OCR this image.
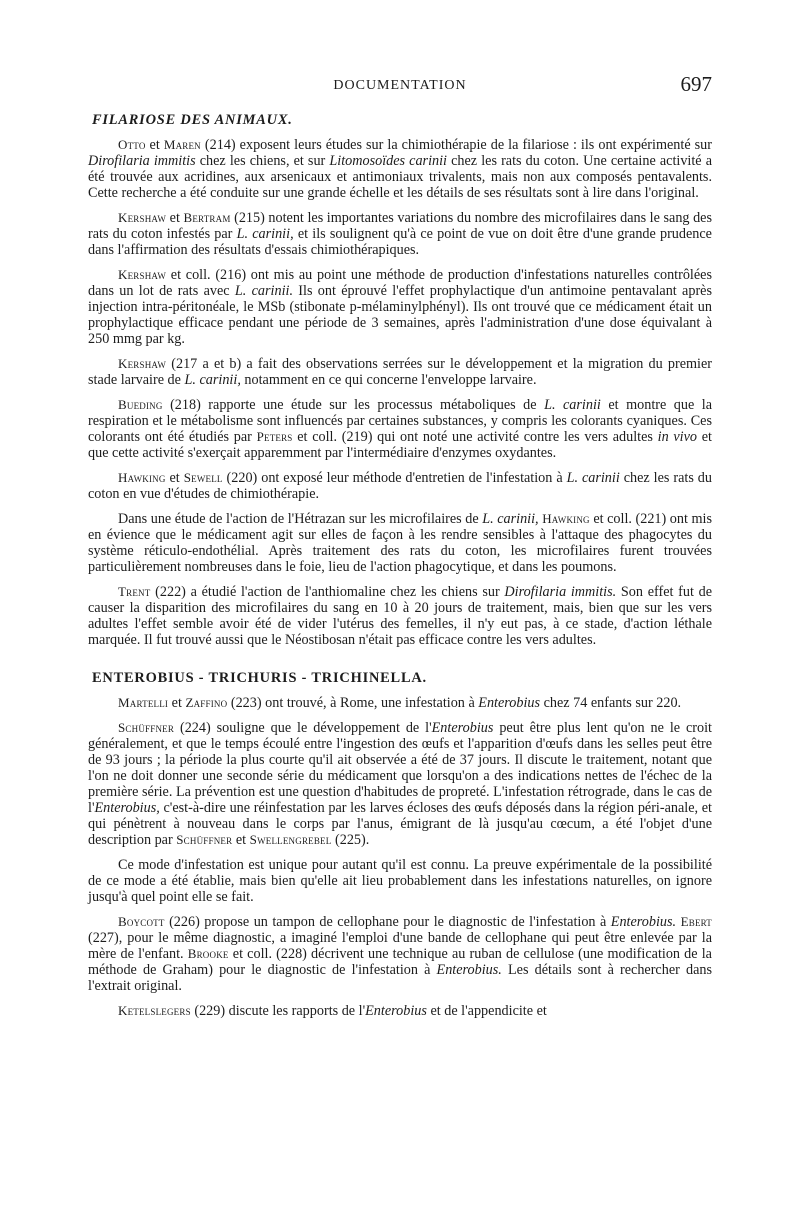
DOCUMENTATION	697
FILARIOSE DES ANIMAUX.

Otto et Maren (214) exposent leurs études sur la chimiothérapie de la filariose : ils ont expérimenté sur Dirofilaria immitis chez les chiens, et sur Litomosoïdes carinii chez les rats du coton. Une certaine activité a été trouvée aux acridines, aux arsenicaux et antimoniaux trivalents, mais non aux composés pentavalents. Cette recherche a été conduite sur une grande échelle et les détails de ses résultats sont à lire dans l'original.

Kershaw et Bertram (215) notent les importantes variations du nombre des microfilaires dans le sang des rats du coton infestés par L. carinii, et ils soulignent qu'à ce point de vue on doit être d'une grande prudence dans l'affirmation des résultats d'essais chimiothérapiques.

Kershaw et coll. (216) ont mis au point une méthode de production d'infestations naturelles contrôlées dans un lot de rats avec L. carinii. Ils ont éprouvé l'effet prophylactique d'un antimoine pentavalant après injection intra-péritonéale, le MSb (stibonate p-mélaminylphényl). Ils ont trouvé que ce médicament était un prophylactique efficace pendant une période de 3 semaines, après l'administration d'une dose équivalant à 250 mmg par kg.

Kershaw (217 a et b) a fait des observations serrées sur le développement et la migration du premier stade larvaire de L. carinii, notamment en ce qui concerne l'enveloppe larvaire.

Bueding (218) rapporte une étude sur les processus métaboliques de L. carinii et montre que la respiration et le métabolisme sont influencés par certaines substances, y compris les colorants cyaniques. Ces colorants ont été étudiés par Peters et coll. (219) qui ont noté une activité contre les vers adultes in vivo et que cette activité s'exerçait apparemment par l'intermédiaire d'enzymes oxydantes.

Hawking et Sewell (220) ont exposé leur méthode d'entretien de l'infestation à L. carinii chez les rats du coton en vue d'études de chimiothérapie.

Dans une étude de l'action de l'Hétrazan sur les microfilaires de L. carinii, Hawking et coll. (221) ont mis en évience que le médicament agit sur elles de façon à les rendre sensibles à l'attaque des phagocytes du système réticulo-endothélial. Après traitement des rats du coton, les microfilaires furent trouvées particulièrement nombreuses dans le foie, lieu de l'action phagocytique, et dans les poumons.

Trent (222) a étudié l'action de l'anthiomaline chez les chiens sur Dirofilaria immitis. Son effet fut de causer la disparition des microfilaires du sang en 10 à 20 jours de traitement, mais, bien que sur les vers adultes l'effet semble avoir été de vider l'utérus des femelles, il n'y eut pas, à ce stade, d'action léthale marquée. Il fut trouvé aussi que le Néostibosan n'était pas efficace contre les vers adultes.

ENTEROBIUS - TRICHURIS - TRICHINELLA.

Martelli et Zaffino (223) ont trouvé, à Rome, une infestation à Enterobius chez 74 enfants sur 220.

Schüffner (224) souligne que le développement de l'Enterobius peut être plus lent qu'on ne le croit généralement, et que le temps écoulé entre l'ingestion des œufs et l'apparition d'œufs dans les selles peut être de 93 jours ; la période la plus courte qu'il ait observée a été de 37 jours. Il discute le traitement, notant que l'on ne doit donner une seconde série du médicament que lorsqu'on a des indications nettes de l'échec de la première série. La prévention est une question d'habitudes de propreté. L'infestation rétrograde, dans le cas de l'Enterobius, c'est-à-dire une réinfestation par les larves écloses des œufs déposés dans la région péri-anale, et qui pénètrent à nouveau dans le corps par l'anus, émigrant de là jusqu'au cœcum, a été l'objet d'une description par Schüffner et Swellengrebel (225).

Ce mode d'infestation est unique pour autant qu'il est connu. La preuve expérimentale de la possibilité de ce mode a été établie, mais bien qu'elle ait lieu probablement dans les infestations naturelles, on ignore jusqu'à quel point elle se fait.

Boycott (226) propose un tampon de cellophane pour le diagnostic de l'infestation à Enterobius. Ebert (227), pour le même diagnostic, a imaginé l'emploi d'une bande de cellophane qui peut être enlevée par la mère de l'enfant. Brooke et coll. (228) décrivent une technique au ruban de cellulose (une modification de la méthode de Graham) pour le diagnostic de l'infestation à Enterobius. Les détails sont à rechercher dans l'extrait original.

Ketelslegers (229) discute les rapports de l'Enterobius et de l'appendicite et
